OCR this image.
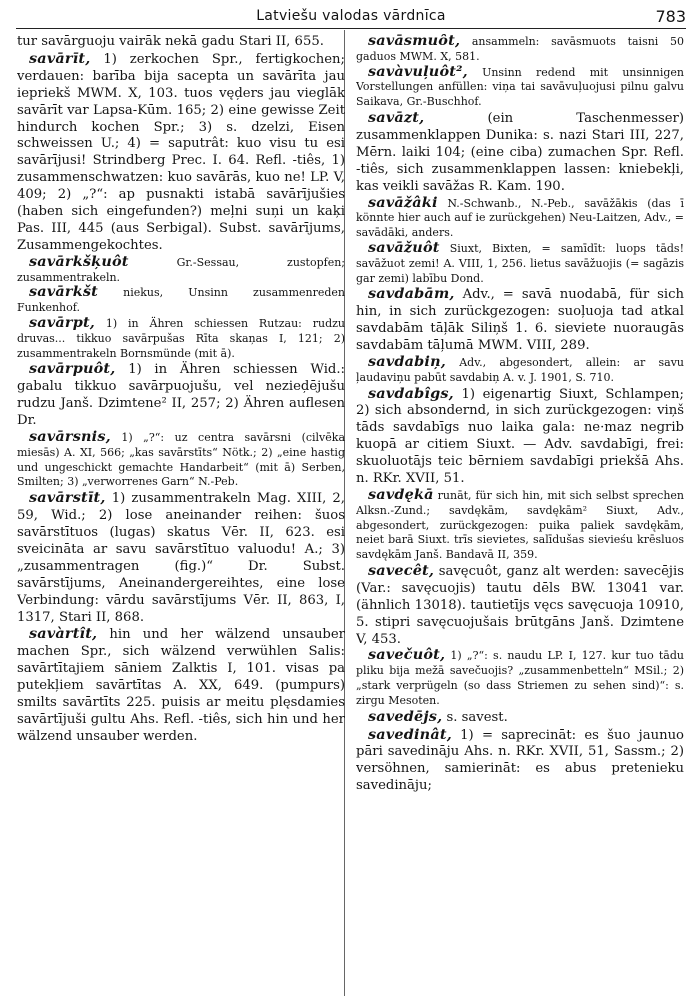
Latviešu valodas vārdnīca	783

tur savārguoju vairāk nekā gadu Stari II, 655.

savārīt, 1) zerkochen Spr., fertigkochen; verdauen: barība bija sacepta un savārīta jau iepriekš MWM. X, 103. tuos vęd̦ers jau vieglāk savārīt var Lapsa-Kūm. 165; 2) eine gewisse Zeit hindurch kochen Spr.; 3) s. dzelzi, Eisen schweissen U.; 4) = saputrât: kuo visu tu esi savārījusi! Strindberg Prec. I. 64. Refl. -tiês, 1) zusammenschwatzen: kuo savārās, kuo ne! LP. V, 409; 2) „?“: ap pusnakti istabā savārījušies (haben sich eingefunden?) mel̦ni suņi un kaķi Pas. III, 445 (aus Serbigal). Subst. savārījums, Zusammengekochtes.

savārkšķuôt Gr.-Sessau, zustopfen; zusammentrakeln.

savārkšt niekus, Unsinn zusammenreden Funkenhof.

savārpt, 1) in Ähren schiessen Rutzau: rudzu druvas... tikkuo savārpušas Rīta skaņas I, 121; 2) zusammentrakeln Bornsmünde (mit ā).

savārpuôt, 1) in Ähren schiessen Wid.: gabalu tikkuo savārpuojušu, vel nezied̦ējušu rudzu Janš. Dzimtene² II, 257; 2) Ähren auflesen Dr.

savārsnis, 1) „?“: uz centra savārsni (cilvēka miesās) A. XI, 566; „kas savārstīts“ Nötk.; 2) „eine hastig und ungeschickt gemachte Handarbeit“ (mit ā) Serben, Smilten; 3) „verworrenes Garn“ N.-Peb.

savārstīt, 1) zusammentrakeln Mag. XIII, 2, 59, Wid.; 2) lose aneinander reihen: šuos savārstītuos (lugas) skatus Vēr. II, 623. esi sveicināta ar savu savārstītuo valuodu! A.; 3) „zusammentragen (fig.)“ Dr. Subst. savārstījums, Aneinandergereihtes, eine lose Verbindung: vārdu savārstījums Vēr. II, 863, I, 1317, Stari II, 868.

savàrtît, hin und her wälzend unsauber machen Spr., sich wälzend verwühlen Salis: savārtītajiem sāniem Zalktis I, 101. visas pa putekļiem savārtītas A. XX, 649. (pumpurs) smilts savārtīts 225. puisis ar meitu plęsdamies savārtījuši gultu Ahs. Refl. -tiês, sich hin und her wälzend unsauber werden.

savāsmuôt, ansammeln: savāsmuots taisni 50 gaduos MWM. X, 581.

savàvuļuôt², Unsinn redend mit unsinnigen Vorstellungen anfüllen: viņa tai savāvuļuojusi pilnu galvu Saikava, Gr.-Buschhof.

savāzt, (ein Taschenmesser) zusammenklappen Dunika: s. nazi Stari III, 227, Mērn. laiki 104; (eine ciba) zumachen Spr. Refl. -tiês, sich zusammenklappen lassen: kniebekļi, kas veikli savāžas R. Kam. 190.

savāžâki N.-Schwanb., N.-Peb., savāžākis (das ī könnte hier auch auf ie zurückgehen) Neu-Laitzen, Adv., = savādāki, anders.

savāžuôt Siuxt, Bixten, = samīdīt: luops tāds! savāžuot zemi! A. VIII, 1, 256. lietus savāžuojis (= sagāzis gar zemi) labību Dond.

savdabām, Adv., = savā nuodabā, für sich hin, in sich zurückgezogen: suoļuoja tad atkal savdabām tāļāk Siliņš 1. 6. sievietе nuoraugās savdabām tāļumā MWM. VIII, 289.

savdabiņ, Adv., abgesondert, allein: ar savu ļaudaviņu pabūt savdabiņ A. v. J. 1901, S. 710.

savdabîgs, 1) eigenartig Siuxt, Schlampen; 2) sich absondernd, in sich zurückgezogen: viņš tāds savdabīgs nuo laika gala: ne·maz negrib kuopā ar citiem Siuxt. — Adv. savdabīgi, frei: skuoluotājs teic bērniem savdabīgi priekšā Ahs. n. RKr. XVII, 51.

savdękā runāt, für sich hin, mit sich selbst sprechen Alksn.-Zund.; savdękām, savdękām² Siuxt, Adv., abgesondert, zurückgezogen: puika paliek savdękām, neiet barā Siuxt. trīs sievietes, salīdušas sievieśu krēsluos savdękām Janš. Bandavā II, 359.

savecêt, savęcuôt, ganz alt werden: savecējis (Var.: savęcuojis) tautu dēls BW. 13041 var. (ähnlich 13018). tautietījs vęcs savęcuoja 10910, 5. stipri savęcuojušais brūtgāns Janš. Dzimtene V, 453.

savečuôt, 1) „?“: s. naudu LP. I, 127. kur tuo tādu pliku bija mežā savečuojis? „zusammenbetteln“ MSil.; 2) „stark verprügeln (so dass Striemen zu sehen sind)“: s. zirgu Mesoten.

savedējs, s. savest.

savedinât, 1) = saprecināt: es šuo jaunuo pāri savedināju Ahs. n. RKr. XVII, 51, Sassm.; 2) versöhnen, samierināt: es abus pretenieku savedināju;
